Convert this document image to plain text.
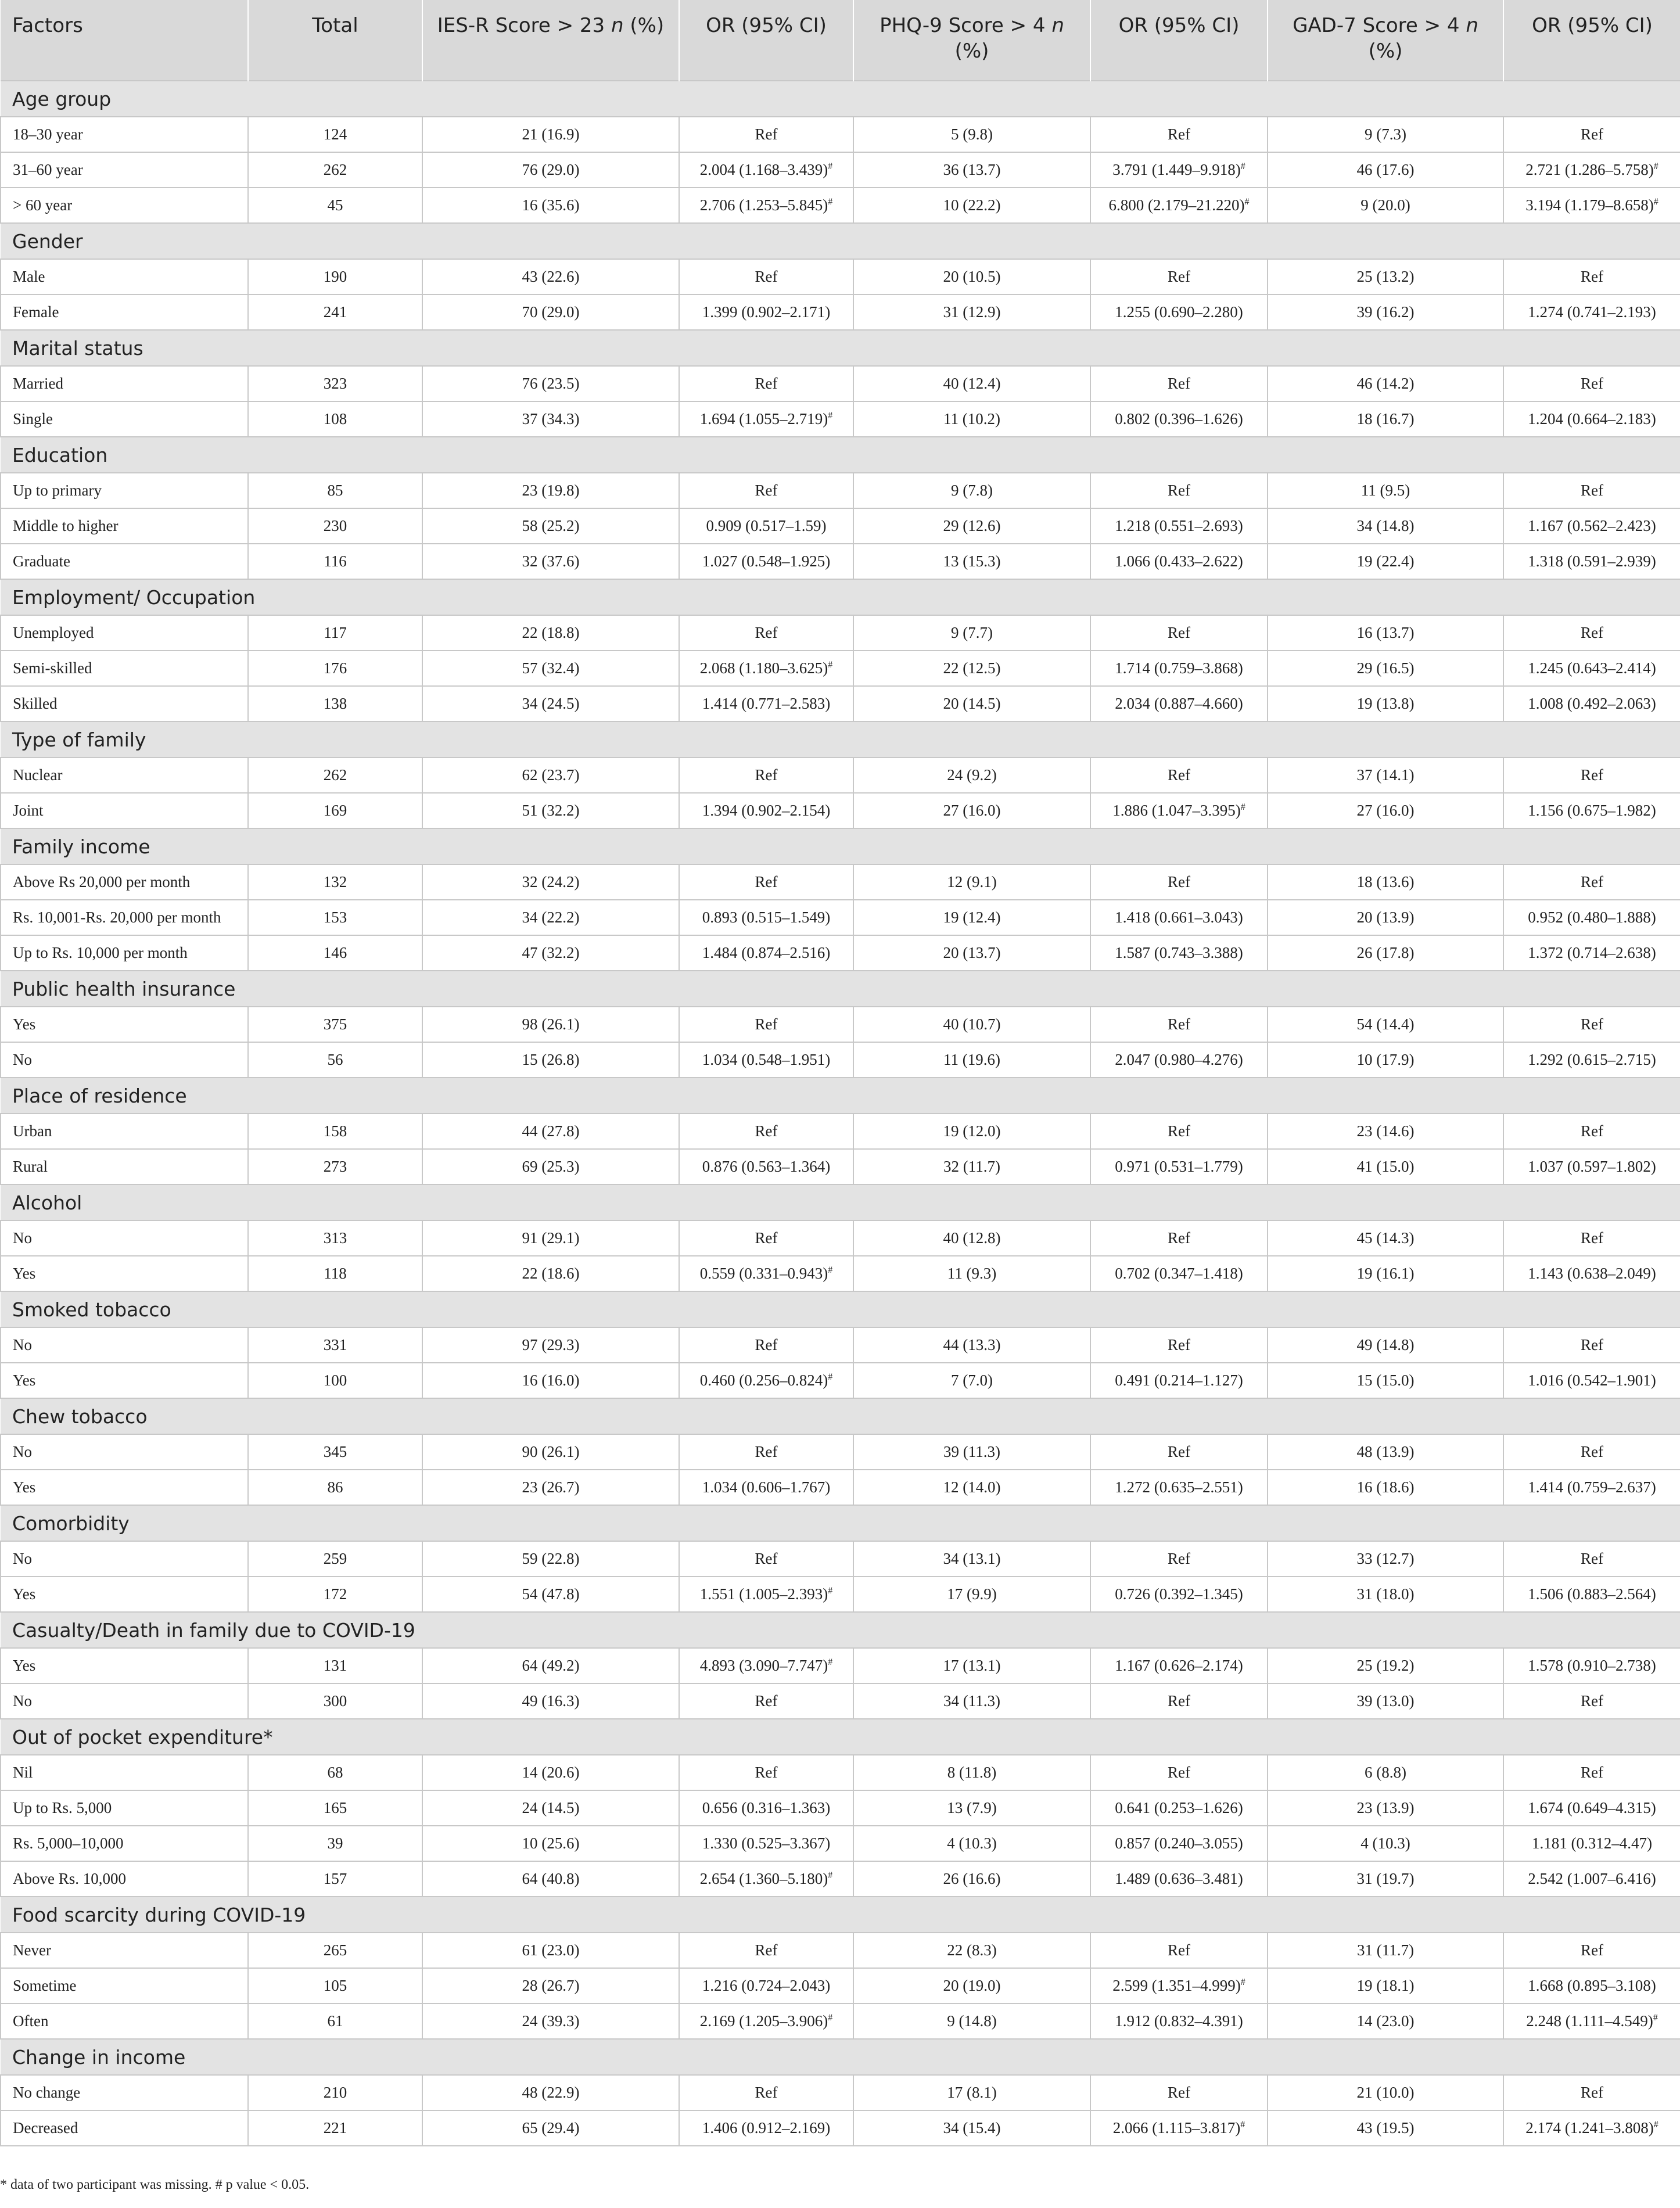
Factors	Total	IES-R Score > 23 n (%)	OR (95% CI)	PHQ-9 Score > 4 n (%)	OR (95% CI)	GAD-7 Score > 4 n (%)	OR (95% CI)
Age group							
18–30 year	124	21 (16.9)	Ref	5 (9.8)	Ref	9 (7.3)	Ref
31–60 year	262	76 (29.0)	2.004 (1.168–3.439)#	36 (13.7)	3.791 (1.449–9.918)#	46 (17.6)	2.721 (1.286–5.758)#
> 60 year	45	16 (35.6)	2.706 (1.253–5.845)#	10 (22.2)	6.800 (2.179–21.220)#	9 (20.0)	3.194 (1.179–8.658)#
Gender							
Male	190	43 (22.6)	Ref	20 (10.5)	Ref	25 (13.2)	Ref
Female	241	70 (29.0)	1.399 (0.902–2.171)	31 (12.9)	1.255 (0.690–2.280)	39 (16.2)	1.274 (0.741–2.193)
Marital status							
Married	323	76 (23.5)	Ref	40 (12.4)	Ref	46 (14.2)	Ref
Single	108	37 (34.3)	1.694 (1.055–2.719)#	11 (10.2)	0.802 (0.396–1.626)	18 (16.7)	1.204 (0.664–2.183)
Education							
Up to primary	85	23 (19.8)	Ref	9 (7.8)	Ref	11 (9.5)	Ref
Middle to higher	230	58 (25.2)	0.909 (0.517–1.59)	29 (12.6)	1.218 (0.551–2.693)	34 (14.8)	1.167 (0.562–2.423)
Graduate	116	32 (37.6)	1.027 (0.548–1.925)	13 (15.3)	1.066 (0.433–2.622)	19 (22.4)	1.318 (0.591–2.939)
Employment/ Occupation							
Unemployed	117	22 (18.8)	Ref	9 (7.7)	Ref	16 (13.7)	Ref
Semi-skilled	176	57 (32.4)	2.068 (1.180–3.625)#	22 (12.5)	1.714 (0.759–3.868)	29 (16.5)	1.245 (0.643–2.414)
Skilled	138	34 (24.5)	1.414 (0.771–2.583)	20 (14.5)	2.034 (0.887–4.660)	19 (13.8)	1.008 (0.492–2.063)
Type of family							
Nuclear	262	62 (23.7)	Ref	24 (9.2)	Ref	37 (14.1)	Ref
Joint	169	51 (32.2)	1.394 (0.902–2.154)	27 (16.0)	1.886 (1.047–3.395)#	27 (16.0)	1.156 (0.675–1.982)
Family income							
Above Rs 20,000 per month	132	32 (24.2)	Ref	12 (9.1)	Ref	18 (13.6)	Ref
Rs. 10,001-Rs. 20,000 per month	153	34 (22.2)	0.893 (0.515–1.549)	19 (12.4)	1.418 (0.661–3.043)	20 (13.9)	0.952 (0.480–1.888)
Up to Rs. 10,000 per month	146	47 (32.2)	1.484 (0.874–2.516)	20 (13.7)	1.587 (0.743–3.388)	26 (17.8)	1.372 (0.714–2.638)
Public health insurance							
Yes	375	98 (26.1)	Ref	40 (10.7)	Ref	54 (14.4)	Ref
No	56	15 (26.8)	1.034 (0.548–1.951)	11 (19.6)	2.047 (0.980–4.276)	10 (17.9)	1.292 (0.615–2.715)
Place of residence							
Urban	158	44 (27.8)	Ref	19 (12.0)	Ref	23 (14.6)	Ref
Rural	273	69 (25.3)	0.876 (0.563–1.364)	32 (11.7)	0.971 (0.531–1.779)	41 (15.0)	1.037 (0.597–1.802)
Alcohol							
No	313	91 (29.1)	Ref	40 (12.8)	Ref	45 (14.3)	Ref
Yes	118	22 (18.6)	0.559 (0.331–0.943)#	11 (9.3)	0.702 (0.347–1.418)	19 (16.1)	1.143 (0.638–2.049)
Smoked tobacco							
No	331	97 (29.3)	Ref	44 (13.3)	Ref	49 (14.8)	Ref
Yes	100	16 (16.0)	0.460 (0.256–0.824)#	7 (7.0)	0.491 (0.214–1.127)	15 (15.0)	1.016 (0.542–1.901)
Chew tobacco							
No	345	90 (26.1)	Ref	39 (11.3)	Ref	48 (13.9)	Ref
Yes	86	23 (26.7)	1.034 (0.606–1.767)	12 (14.0)	1.272 (0.635–2.551)	16 (18.6)	1.414 (0.759–2.637)
Comorbidity							
No	259	59 (22.8)	Ref	34 (13.1)	Ref	33 (12.7)	Ref
Yes	172	54 (47.8)	1.551 (1.005–2.393)#	17 (9.9)	0.726 (0.392–1.345)	31 (18.0)	1.506 (0.883–2.564)
Casualty/Death in family due to COVID-19							
Yes	131	64 (49.2)	4.893 (3.090–7.747)#	17 (13.1)	1.167 (0.626–2.174)	25 (19.2)	1.578 (0.910–2.738)
No	300	49 (16.3)	Ref	34 (11.3)	Ref	39 (13.0)	Ref
Out of pocket expenditure*							
Nil	68	14 (20.6)	Ref	8 (11.8)	Ref	6 (8.8)	Ref
Up to Rs. 5,000	165	24 (14.5)	0.656 (0.316–1.363)	13 (7.9)	0.641 (0.253–1.626)	23 (13.9)	1.674 (0.649–4.315)
Rs. 5,000–10,000	39	10 (25.6)	1.330 (0.525–3.367)	4 (10.3)	0.857 (0.240–3.055)	4 (10.3)	1.181 (0.312–4.47)
Above Rs. 10,000	157	64 (40.8)	2.654 (1.360–5.180)#	26 (16.6)	1.489 (0.636–3.481)	31 (19.7)	2.542 (1.007–6.416)
Food scarcity during COVID-19							
Never	265	61 (23.0)	Ref	22 (8.3)	Ref	31 (11.7)	Ref
Sometime	105	28 (26.7)	1.216 (0.724–2.043)	20 (19.0)	2.599 (1.351–4.999)#	19 (18.1)	1.668 (0.895–3.108)
Often	61	24 (39.3)	2.169 (1.205–3.906)#	9 (14.8)	1.912 (0.832–4.391)	14 (23.0)	2.248 (1.111–4.549)#
Change in income							
No change	210	48 (22.9)	Ref	17 (8.1)	Ref	21 (10.0)	Ref
Decreased	221	65 (29.4)	1.406 (0.912–2.169)	34 (15.4)	2.066 (1.115–3.817)#	43 (19.5)	2.174 (1.241–3.808)#
* data of two participant was missing. # p value < 0.05.
